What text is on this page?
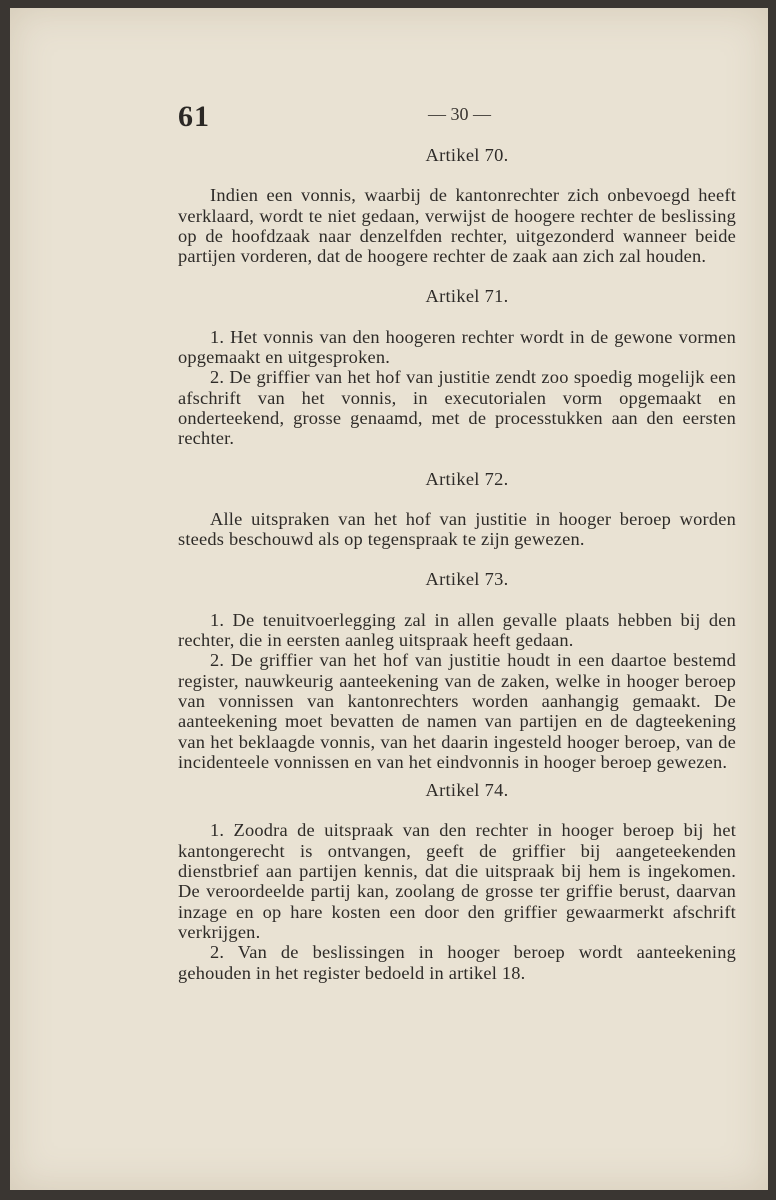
61	— 30 —

Artikel 70.

Indien een vonnis, waarbij de kantonrechter zich onbevoegd heeft verklaard, wordt te niet gedaan, verwijst de hoogere rechter de beslissing op de hoofdzaak naar denzelfden rechter, uitgezonderd wanneer beide partijen vorderen, dat de hoogere rechter de zaak aan zich zal houden.

Artikel 71.

1. Het vonnis van den hoogeren rechter wordt in de gewone vormen opgemaakt en uitgesproken.

2. De griffier van het hof van justitie zendt zoo spoedig mogelijk een afschrift van het vonnis, in executorialen vorm opgemaakt en onderteekend, grosse genaamd, met de processtukken aan den eersten rechter.

Artikel 72.

Alle uitspraken van het hof van justitie in hooger beroep worden steeds beschouwd als op tegenspraak te zijn gewezen.

Artikel 73.

1. De tenuitvoerlegging zal in allen gevalle plaats hebben bij den rechter, die in eersten aanleg uitspraak heeft gedaan.

2. De griffier van het hof van justitie houdt in een daartoe bestemd register, nauwkeurig aanteekening van de zaken, welke in hooger beroep van vonnissen van kantonrechters worden aanhangig gemaakt. De aanteekening moet bevatten de namen van partijen en de dagteekening van het beklaagde vonnis, van het daarin ingesteld hooger beroep, van de incidenteele vonnissen en van het eindvonnis in hooger beroep gewezen.

Artikel 74.

1. Zoodra de uitspraak van den rechter in hooger beroep bij het kantongerecht is ontvangen, geeft de griffier bij aangeteekenden dienstbrief aan partijen kennis, dat die uitspraak bij hem is ingekomen. De veroordeelde partij kan, zoolang de grosse ter griffie berust, daarvan inzage en op hare kosten een door den griffier gewaarmerkt afschrift verkrijgen.

2. Van de beslissingen in hooger beroep wordt aanteekening gehouden in het register bedoeld in artikel 18.
